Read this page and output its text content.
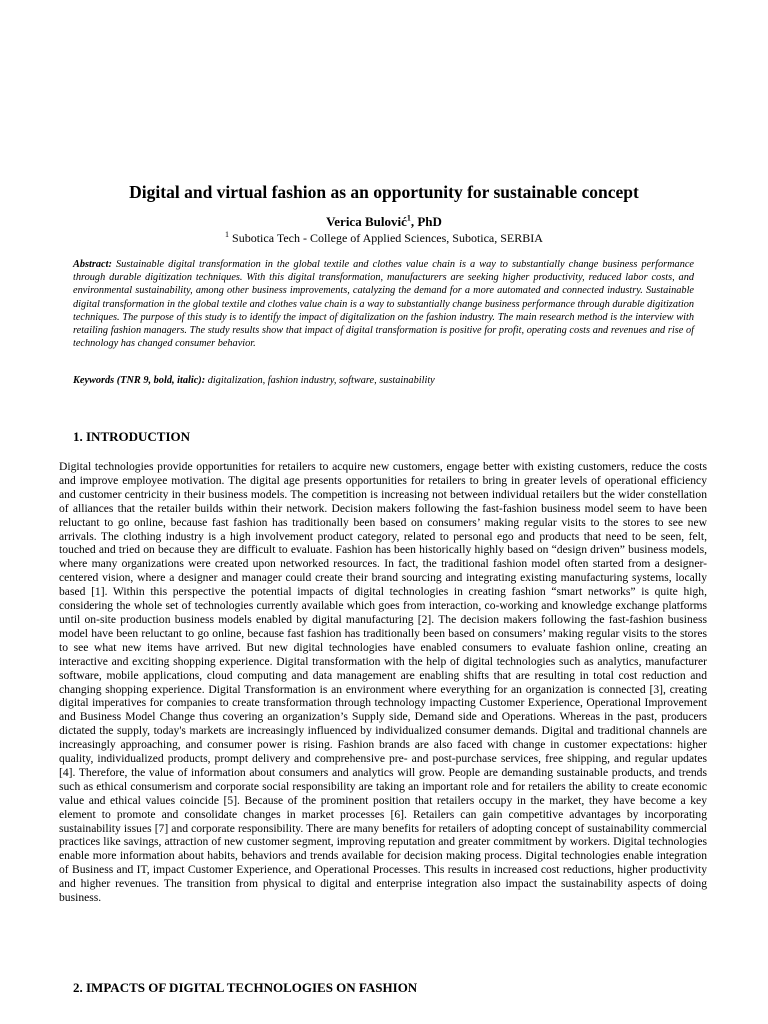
Digital and virtual fashion as an opportunity for sustainable concept
Verica Bulović$^1$, PhD
$^1$ Subotica Tech - College of Applied Sciences, Subotica, SERBIA
Abstract: Sustainable digital transformation in the global textile and clothes value chain is a way to substantially change business performance through durable digitization techniques. With this digital transformation, manufacturers are seeking higher productivity, reduced labor costs, and environmental sustainability, among other business improvements, catalyzing the demand for a more automated and connected industry. Sustainable digital transformation in the global textile and clothes value chain is a way to substantially change business performance through durable digitization techniques. The purpose of this study is to identify the impact of digitalization on the fashion industry. The main research method is the interview with retailing fashion managers. The study results show that impact of digital transformation is positive for profit, operating costs and revenues and rise of technology has changed consumer behavior.
Keywords (TNR 9, bold, italic): digitalization, fashion industry, software, sustainability
1. INTRODUCTION
Digital technologies provide opportunities for retailers to acquire new customers, engage better with existing customers, reduce the costs and improve employee motivation. The digital age presents opportunities for retailers to bring in greater levels of operational efficiency and customer centricity in their business models. The competition is increasing not between individual retailers but the wider constellation of alliances that the retailer builds within their network. Decision makers following the fast-fashion business model seem to have been reluctant to go online, because fast fashion has traditionally been based on consumers’ making regular visits to the stores to see new arrivals. The clothing industry is a high involvement product category, related to personal ego and products that need to be seen, felt, touched and tried on because they are difficult to evaluate. Fashion has been historically highly based on “design driven” business models, where many organizations were created upon networked resources. In fact, the traditional fashion model often started from a designer-centered vision, where a designer and manager could create their brand sourcing and integrating existing manufacturing systems, locally based [1]. Within this perspective the potential impacts of digital technologies in creating fashion “smart networks” is quite high, considering the whole set of technologies currently available which goes from interaction, co-working and knowledge exchange platforms until on-site production business models enabled by digital manufacturing [2]. The decision makers following the fast-fashion business model have been reluctant to go online, because fast fashion has traditionally been based on consumers’ making regular visits to the stores to see what new items have arrived. But new digital technologies have enabled consumers to evaluate fashion online, creating an interactive and exciting shopping experience. Digital transformation with the help of digital technologies such as analytics, manufacturer software, mobile applications, cloud computing and data management are enabling shifts that are resulting in total cost reduction and changing shopping experience. Digital Transformation is an environment where everything for an organization is connected [3], creating digital imperatives for companies to create transformation through technology impacting Customer Experience, Operational Improvement and Business Model Change thus covering an organization’s Supply side, Demand side and Operations. Whereas in the past, producers dictated the supply, today's markets are increasingly influenced by individualized consumer demands. Digital and traditional channels are increasingly approaching, and consumer power is rising. Fashion brands are also faced with change in customer expectations: higher quality, individualized products, prompt delivery and comprehensive pre- and post-purchase services, free shipping, and regular updates [4]. Therefore, the value of information about consumers and analytics will grow. People are demanding sustainable products, and trends such as ethical consumerism and corporate social responsibility are taking an important role and for retailers the ability to create economic value and ethical values coincide [5]. Because of the prominent position that retailers occupy in the market, they have become a key element to promote and consolidate changes in market processes [6]. Retailers can gain competitive advantages by incorporating sustainability issues [7] and corporate responsibility. There are many benefits for retailers of adopting concept of sustainability commercial practices like savings, attraction of new customer segment, improving reputation and greater commitment by workers. Digital technologies enable more information about habits, behaviors and trends available for decision making process. Digital technologies enable integration of Business and IT, impact Customer Experience, and Operational Processes. This results in increased cost reductions, higher productivity and higher revenues. The transition from physical to digital and enterprise integration also impact the sustainability aspects of doing business.
2. IMPACTS OF DIGITAL TECHNOLOGIES ON FASHION
